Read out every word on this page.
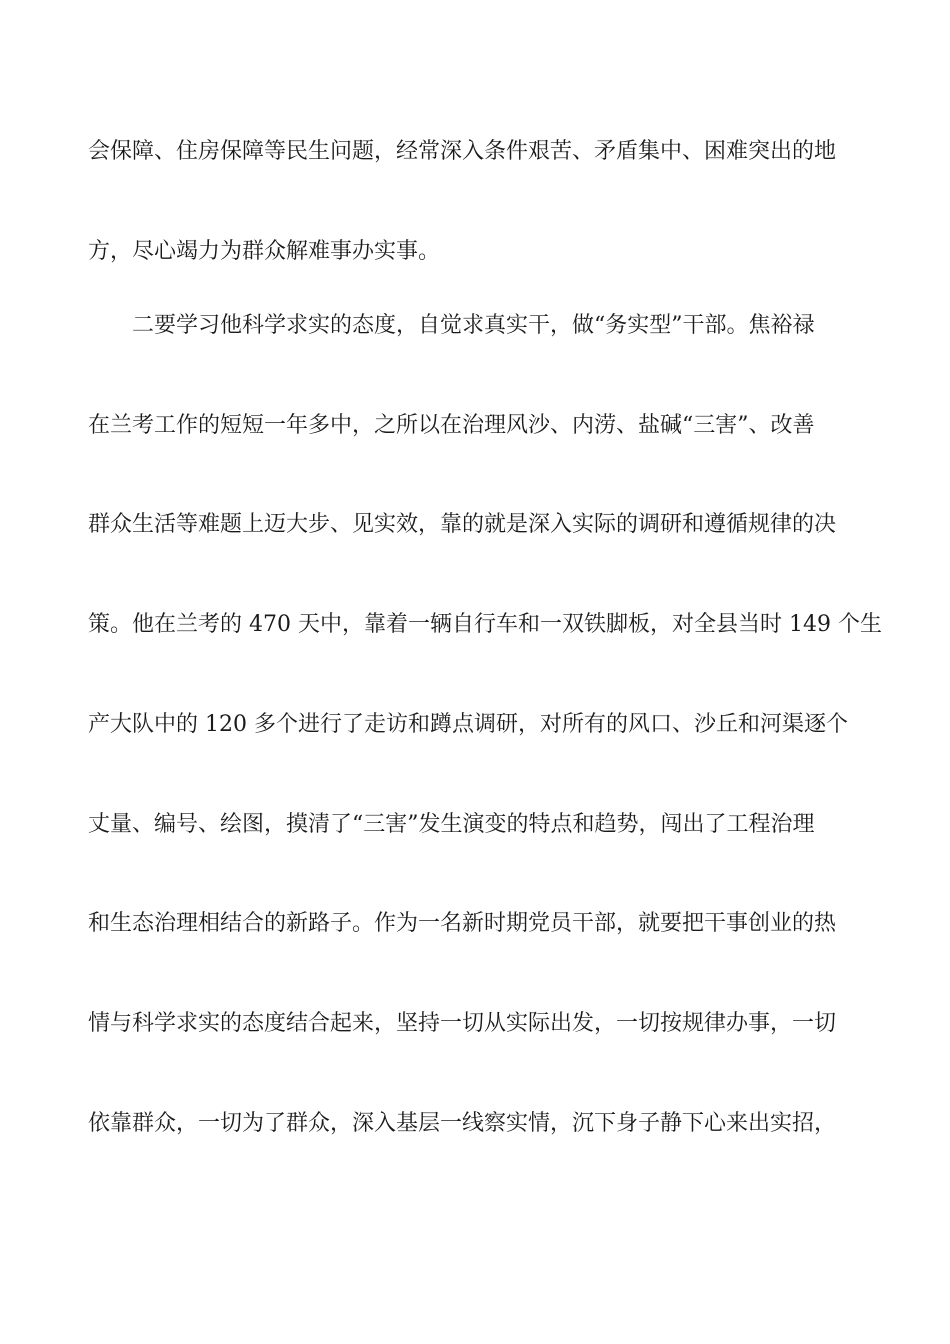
会保障、住房保障等民生问题，经常深入条件艰苦、矛盾集中、困难突出的地
方，尽心竭力为群众解难事办实事。
二要学习他科学求实的态度，自觉求真实干，做“务实型”干部。焦裕禄
在兰考工作的短短一年多中，之所以在治理风沙、内涝、盐碱“三害”、改善
群众生活等难题上迈大步、见实效，靠的就是深入实际的调研和遵循规律的决
策。他在兰考的 470 天中，靠着一辆自行车和一双铁脚板，对全县当时 149 个生
产大队中的 120 多个进行了走访和蹲点调研，对所有的风口、沙丘和河渠逐个
丈量、编号、绘图，摸清了“三害”发生演变的特点和趋势，闯出了工程治理
和生态治理相结合的新路子。作为一名新时期党员干部，就要把干事创业的热
情与科学求实的态度结合起来，坚持一切从实际出发，一切按规律办事，一切
依靠群众，一切为了群众，深入基层一线察实情，沉下身子静下心来出实招，
